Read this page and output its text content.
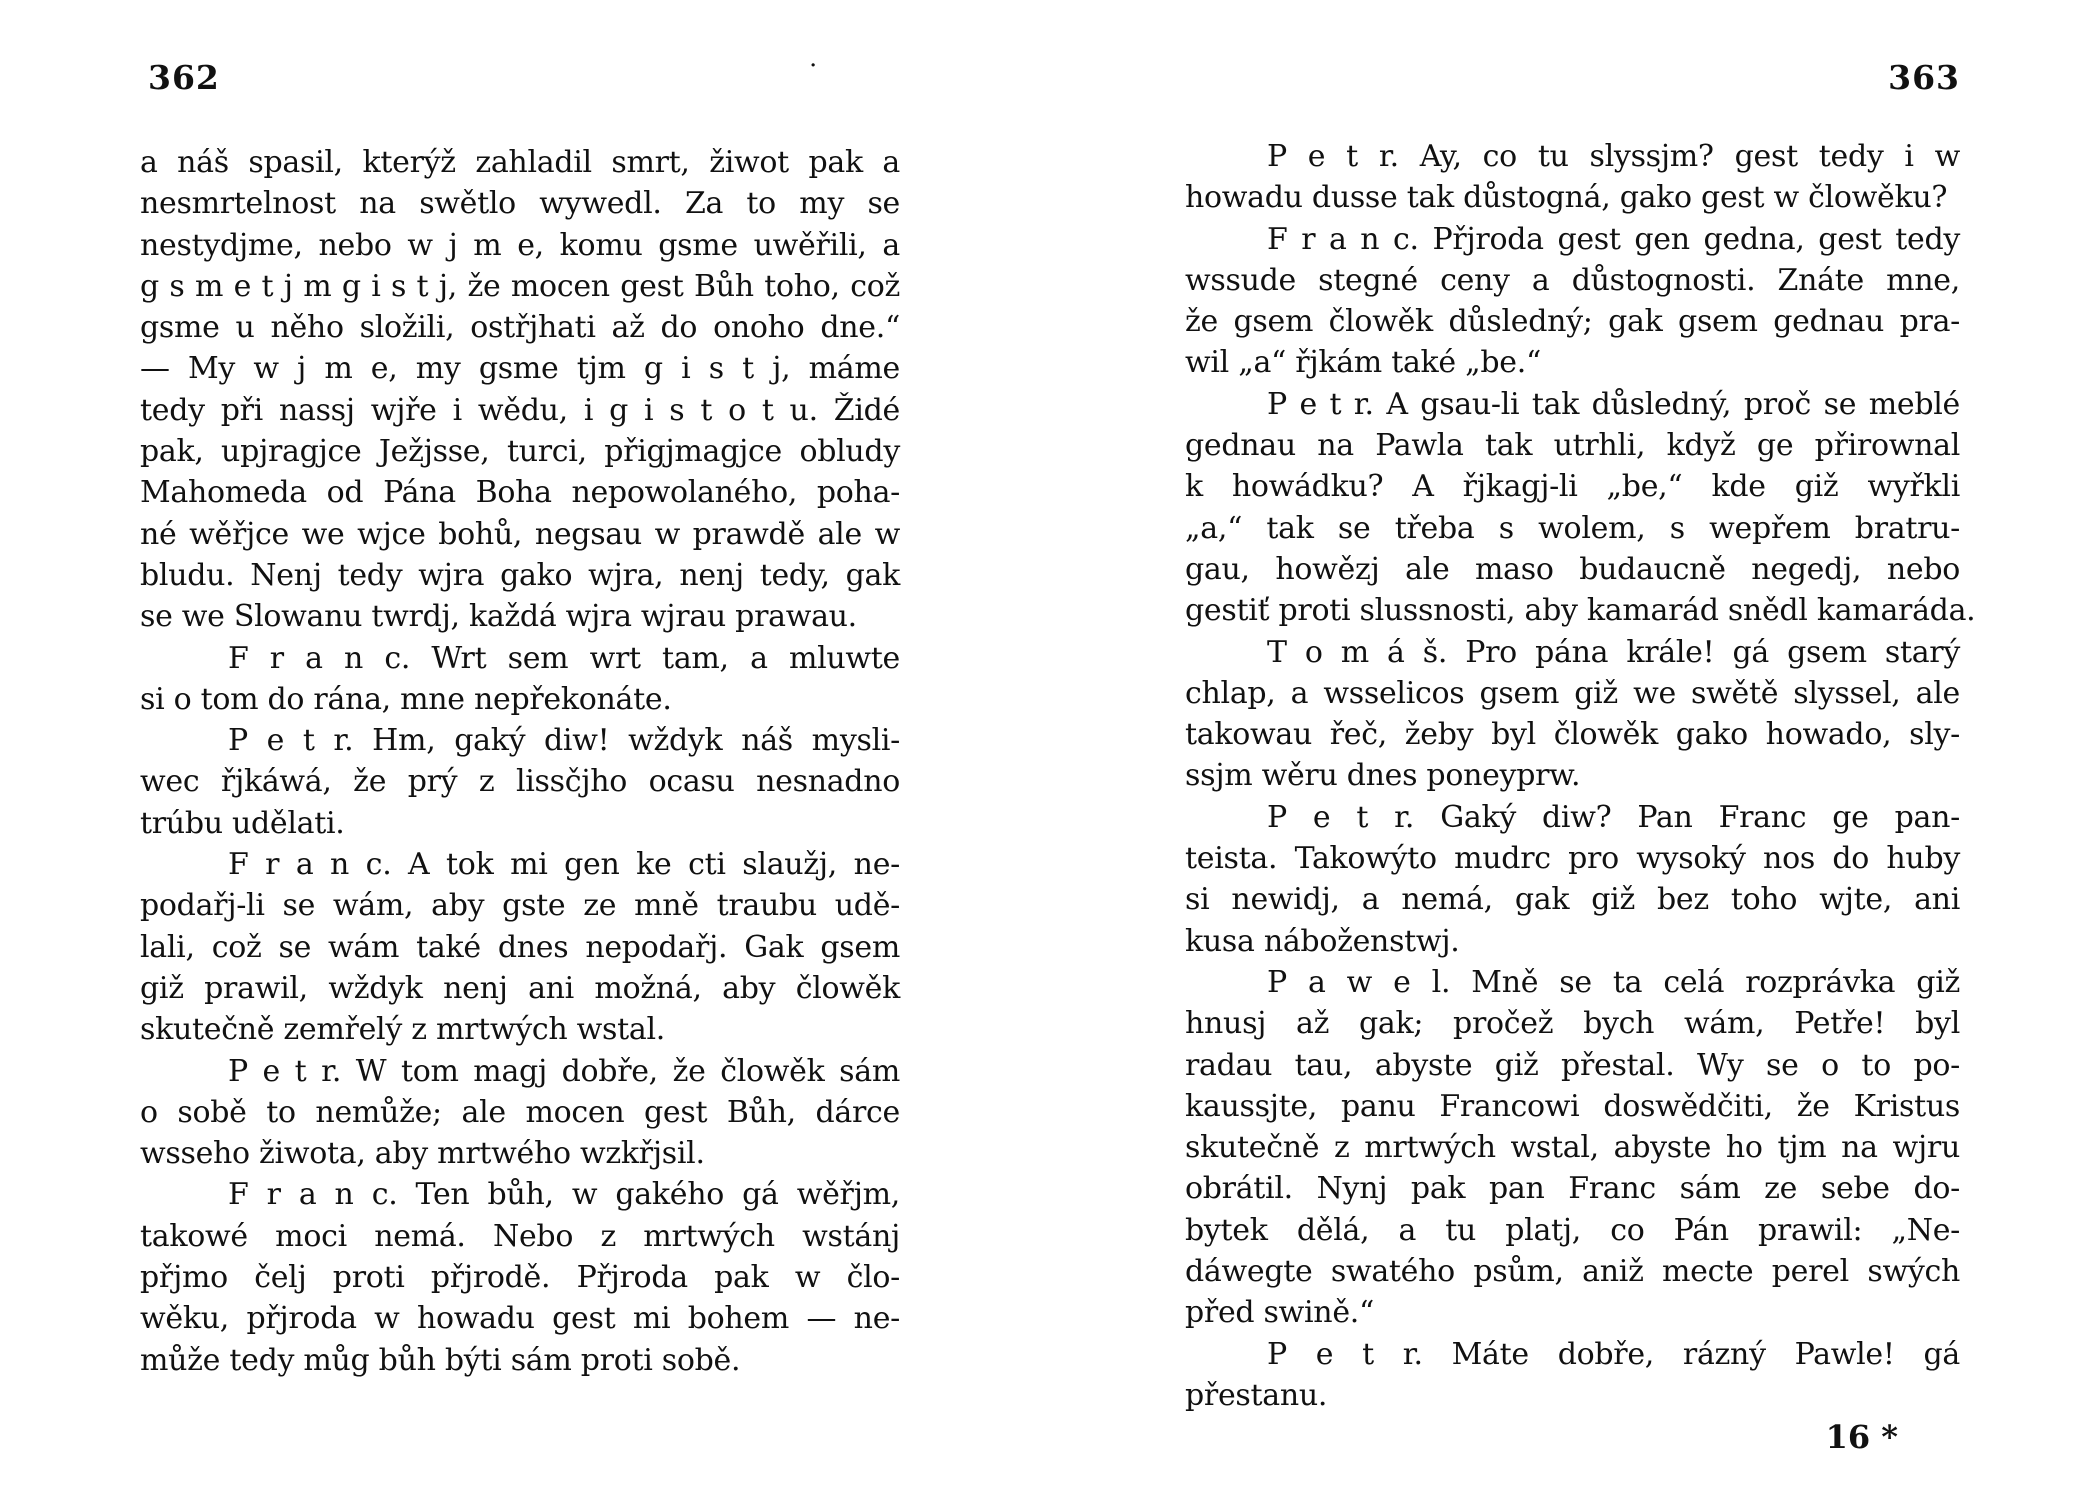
·
362
a náš spasil, kterýž zahladil smrt, žiwot pak a
nesmrtelnost na swětlo wywedl. Za to my se
nestydjme, nebo w j m e, komu gsme uwěřili, a
g s m e t j m g i s t j, že mocen gest Bůh toho, což
gsme u něho složili, ostřjhati až do onoho dne.“
— My w j m e, my gsme tjm g i s t j, máme
tedy při nassj wjře i wědu, i g i s t o t u. Židé
pak, upjragjce Ježjsse, turci, přigjmagjce obludy
Mahomeda od Pána Boha nepowolaného, poha-
né wěřjce we wjce bohů, negsau w prawdě ale w
bludu. Nenj tedy wjra gako wjra, nenj tedy, gak
se we Slowanu twrdj, každá wjra wjrau prawau.
F r a n c. Wrt sem wrt tam, a mluwte
si o tom do rána, mne nepřekonáte.
P e t r. Hm, gaký diw! wždyk náš mysli-
wec řjkáwá, že prý z lissčjho ocasu nesnadno
trúbu udělati.
F r a n c. A tok mi gen ke cti slaužj, ne-
podařj-li se wám, aby gste ze mně traubu udě-
lali, což se wám také dnes nepodařj. Gak gsem
giž prawil, wždyk nenj ani možná, aby člowěk
skutečně zemřelý z mrtwých wstal.
P e t r. W tom magj dobře, že člowěk sám
o sobě to nemůže; ale mocen gest Bůh, dárce
wsseho žiwota, aby mrtwého wzkřjsil.
F r a n c. Ten bůh, w gakého gá wěřjm,
takowé moci nemá. Nebo z mrtwých wstánj
přjmo čelj proti přjrodě. Přjroda pak w člo-
wěku, přjroda w howadu gest mi bohem — ne-
může tedy můg bůh býti sám proti sobě.
363
P e t r. Ay, co tu slyssjm? gest tedy i w
howadu dusse tak důstogná, gako gest w člowěku?
F r a n c. Přjroda gest gen gedna, gest tedy
wssude stegné ceny a důstognosti. Znáte mne,
že gsem člowěk důsledný; gak gsem gednau pra-
wil „a“ řjkám také „be.“
P e t r. A gsau-li tak důsledný, proč se meblé
gednau na Pawla tak utrhli, když ge přirownal
k howádku? A řjkagj-li „be,“ kde giž wyřkli
„a,“ tak se třeba s wolem, s wepřem bratru-
gau, howězj ale maso budaucně negedj, nebo
gestiť proti slussnosti, aby kamarád snědl kamaráda.
T o m á š. Pro pána krále! gá gsem starý
chlap, a wsselicos gsem giž we swětě slyssel, ale
takowau řeč, žeby byl člowěk gako howado, sly-
ssjm wěru dnes poneyprw.
P e t r. Gaký diw? Pan Franc ge pan-
teista. Takowýto mudrc pro wysoký nos do huby
si newidj, a nemá, gak giž bez toho wjte, ani
kusa náboženstwj.
P a w e l. Mně se ta celá rozprávka giž
hnusj až gak; pročež bych wám, Petře! byl
radau tau, abyste giž přestal. Wy se o to po-
kaussjte, panu Francowi doswědčiti, že Kristus
skutečně z mrtwých wstal, abyste ho tjm na wjru
obrátil. Nynj pak pan Franc sám ze sebe do-
bytek dělá, a tu platj, co Pán prawil: „Ne-
dáwegte swatého psům, aniž mecte perel swých
před swině.“
P e t r. Máte dobře, rázný Pawle! gá
přestanu.
16 *
